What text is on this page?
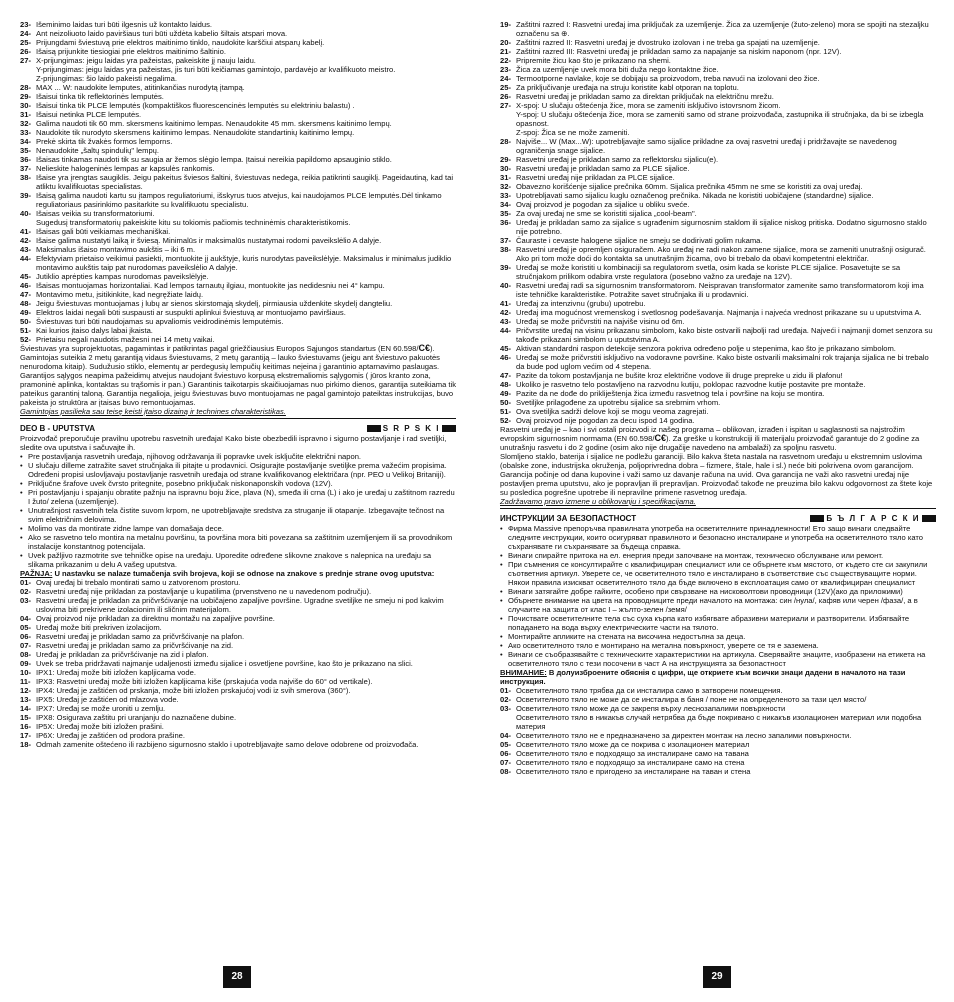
23- Išeminimo laidas turi būti ilgesnis už kontakto laidus.
24- Ant neizoliuoto laido paviršiaus turi būti uždėta kabelio šiltais atspari mova.
25- Prijungdami šviestuvą prie elektros maitinimo tinklo, naudokite karščiui atsparų kabelį.
26- Išaisą prijunkite tiesiogiai prie elektros maitinimo šaltinio.
27- X-prijungimas: jeigu laidas yra pažeistas, pakeiskite jį nauju laidu.
Y-prijungimas: jeigu laidas yra pažeistas, jis turi būti keičiamas gamintojo, pardavėjo ar kvalifikuoto meistro.
Z-prijungimas: šio laido pakeisti negalima.
28- MAX ... W: naudokite lemputes, atitinkančias nurodytą įtampą.
29- Išaisui tinka tik reflektorinės lemputės.
30- Išaisui tinka tik PLCE lemputės (kompaktiškos fluorescencinės lemputės su elektriniu balastu) .
31- Išaisui netinka PLCE lemputės.
32- Galima naudoti tik 60 mm. skersmens kaitinimo lempas. Nenaudokite 45 mm. skersmens kaitinimo lempų.
33- Naudokite tik nurodyto skersmens kaitinimo lempas. Nenaudokite standartinių kaitinimo lempų.
34- Prekė skirta tik žvakės formos lemporns.
35- Nenaudokite „šaltų spindulių" lempų.
36- Išaisas tinkamas naudoti tik su saugia ar žemos slėgio lempa. Įtaisui nereikia papildomo apsauginio stiklo.
37- Nelieskite halogeninės lempas ar kapsulės rankomis.
38- Išaise yra įrengtas saugiklis. Jeigu pakeitus šviesos šaltini, šviestuvas nedega, reikia patikrinti saugiklį. Pageidautiną, kad tai atliktu kvalifikuotas specialistas.
39- Išaisą galima naudoti kartu su įtampos reguliatoriumi, išskyrus tuos atvejus, kai naudojamos PLCE lemputės.Dėl tinkamo reguliatoriaus pasirinkimo pasitarkite su kvalifikuotu specialistu.
40- Išaisas veikia su transformatoriumi.
Sugedusį transformatorių pakeiskite kitu su tokiomis pačiomis techninėmis charakteristikomis.
41- Išaisas gali būti veikiamas mechaniškai.
42- Išaise galima nustatyti laiką ir šviesą. Minimalūs ir maksimalūs nustatymai rodomi paveikslėlio A dalyje.
43- Maksimalus išaiso montavimo aukštis – iki 6 m.
44- Efektyviam prietaiso veikimui pasiekti, montuokite jį aukštyje, kuris nurodytas paveikslėlyje. Maksimalus ir minimalus judiklio montavimo aukštis taip pat nurodomas paveikslėlio A dalyje.
45- Jutiklio aprėpties kampas nurodomas paveikslėlyje.
46- Išaisas montuojamas horizontaliai. Kad lempos tarnautų ilgiau, montuokite jas nedidesniu nei 4° kampu.
47- Montavimo metu, įsitikinkite, kad negręžiate laidų.
48- Jeigu šviestuvas montuojamas į lubų ar sienos skirstomąją skydelį, pirmiausia uždenkite skydelį dangteliu.
49- Elektros laidai negali būti suspausti ar suspukti aplinkui šviestuvą ar montuojamo paviršiaus.
50- Šviestuvas turi būti naudojamas su apvaliomis veidrodinėmis lemputėmis.
51- Kai kurios įtaiso dalys labai įkaista.
52- Prietaisu negali naudotis mažesni nei 14 metų vaikai.

Šviestuvas yra suprojektuotas, pagamintas ir patikrintas pagal griežčiausius Europos Sąjungos standartus (EN 60.598/C€). Gamintojas suteikia 2 metų garantiją vidaus šviestuvams, 2 metų garantiją – lauko šviestuvams (jeigu ant šviestuvo pakuotės nenurodoma kitaip). Sudužusio stiklo, elementų ar perdegusių lempučių keitimas neįeina į garantinio aptarnavimo paslaugas. Garantijos sąlygos neapima pažeidimų atvejus naudojant šviestuvo korpusą ekstremaliomis sąlygomis ( jūros kranto zona, pramoninė aplinka, kontaktas su trąšomis ir pan.) Garantinis taikotarpis skaičiuojamas nuo pirkimo dienos, garantija suteikiama tik pateikus garantinį taloną. Garantija negalioja, jeigu šviestuvas buvo montuojamas ne pagal gamintojo pateiktas instrukcijas, buvo pakeista jo struktūra ar įtaisas buvo remontuojamas.

Gamintojas pasilieka sau teisę keisti įtaiso dizainą ir technines charakteristikas.

DEO B - UPUTSTVA	S R P S K I

Proizvođač preporučuje pravilnu upotrebu rasvetnih uređaja! Kako biste obezbedili ispravno i sigurno postavljanje i rad svetiljki, sledite ova uputstva i sačuvajte ih.

• Pre postavljanja rasvetnih uređaja, njihovog održavanja ili popravke uvek isključite električni napon.
• U slučaju dilleme zatražite savet stručnjaka ili pitajte u prodavnici. Osigurajte postavljanje svetiljke prema važećim propisima. Određeni propisi uslovljavaju postavljanje rasvetnih uređaja od strane kvalifikovanog električara (npr. PEO u Velikoj Britaniji).
• Priključne šrafove uvek čvrsto pritegnite, posebno priključak niskonaponskih vodova (12V).
• Pri postavljanju i spajanju obratite pažnju na ispravnu boju žice, plava (N), smeđa ili crna (L) i ako je uređaj u zaštitnom razredu I žuto/ zelena (uzemljenje).
• Unutrašnjost rasvetnih tela čistite suvom krpom, ne upotrebljavajte sredstva za struganje ili otapanje. Izbegavajte tečnost na svim električnim delovima.
• Molimo vas da montirate zidne lampe van domašaja dece.
• Ako se rasvetno telo montira na metalnu površinu, ta površina mora biti povezana sa zaštitnim uzemljenjem ili sa provodnikom instalacije konstantnog potencijala.
• Uvek pažljivo razmotrite sve tehničke opise na uređaju. Uporedite određene slikovne znakove s nalepnica na uređaju sa slikama prikazanim u delu A vašeg uputstva.

PAŽNJA: U nastavku se nalaze tumačenja svih brojeva, koji se odnose na znakove s prednje strane ovog uputstva:

01- Ovaj uređaj bi trebalo montirati samo u zatvorenom prostoru.
02- Rasvetni uređaj nije prikladan za postavljanje u kupatilima (prvenstveno ne u navedenom području).
03- Rasvetni uređaj je prikladan za pričvršćivanje na uobičajeno zapaljive površine. Ugradne svetiljke ne smeju ni pod kakvim uslovima biti prekrivene izolacionim ili sličnim materijalom.
04- Ovaj proizvod nije prikladan za direktnu montažu na zapaljive površine.
05- Uređaj može biti prekriven izolacijom.
06- Rasvetni uređaj je prikladan samo za pričvršćivanje na plafon.
07- Rasvetni uređaj je prikladan samo za pričvršćivanje na zid.
08- Uređaj je prikladan za pričvršćivanje na zid i plafon.
09- Uvek se treba pridržavati najmanje udaljenosti između sijalice i osvetljene površine, kao što je prikazano na slici.
10- IPX1: Uređaj može biti izložen kapljicama vode.
11- IPX3: Rasvetni uređaj može biti izložen kapljicama kiše (prskajuća voda najviše do 60° od vertikale).
12- IPX4: Uređaj je zaštićen od prskanja, može biti izložen prskajućoj vodi iz svih smerova (360°).
13- IPX5: Uređaj je zaštićen od mlazova vode.
14- IPX7: Uređaj se može uroniti u zemlju.
15- IPX8: Osigurava zaštitu pri uranjanju do naznačene dubine.
16- IP5X: Uređaj može biti izložen prašini.
17- IP6X: Uređaj je zaštićen od prodora prašine.
18- Odmah zamenite oštećeno ili razbijeno sigurnosno staklo i upotrebljavajte samo delove odobrene od proizvođača.
19- Zaštitni razred I: Rasvetni uređaj ima priključak za uzemljenje. Žica za uzemljenje (žuto-zeleno) mora se spojiti na stezaljku označenu sa ⊕.
20- Zaštitni razred II: Rasvetni uređaj je dvostruko izolovan i ne treba ga spajati na uzemljenje.
21- Zaštitni razred III: Rasvetni uređaj je prikladan samo za napajanje sa niskim naponom (npr. 12V).
22- Pripremite žicu kao što je prikazano na shemi.
23- Žica za uzemljenje uvek mora biti duža nego kontaktne žice.
24- Termootporne navlake, koje se dobijaju sa proizvodom, treba navući na izolovani deo žice.
25- Za priključivanje uređaja na struju koristite kabl otporan na toplotu.
26- Rasvetni uređaj je prikladan samo za direktan priključak na električnu mrežu.
27- X-spoj: U slučaju oštećenja žice, mora se zameniti isključivo istovrsnom žicom.
Y-spoj: U slučaju oštećenja žice, mora se zameniti samo od strane proizvođača, zastupnika ili stručnjaka, da bi se izbegla opasnost.
Z-spoj: Žica se ne može zameniti.
28- Najviše... W (Max...W): upotrebljavajte samo sijalice prikladne za ovaj rasvetni uređaj i pridržavajte se navedenog ograničenja snage sijalice.
29- Rasvetni uređaj je prikladan samo za reflektorsku sijalicu(e).
30- Rasvetni uređaj je prikladan samo za PLCE sijalice.
31- Rasvetni uređaj nije prikladan za PLCE sijalice.
32- Obavezno korišćenje sijalice prečnika 60mm. Sijalica prečnika 45mm ne sme se koristiti za ovaj uređaj.
33- Upotrebljavati samo sijalicu kuglu označenog prečnika. Nikada ne koristiti uobičajene (standardne) sijalice.
34- Ovaj proizvod je pogodan za sijalice u obliku sveće.
35- Za ovaj uređaj ne sme se koristiti sijalica „cool-beam".
36- Uređaj je prikladan samo za sijalice s ugrađenim sigurnosnim staklom ili sijalice niskog pritiska. Dodatno sigurnosno staklo nije potrebno.
37- Čauraste i cevaste halogene sijalice ne smeju se dodirivati golim rukama.
38- Rasvetni uređaj je opremljen osiguračem. Ako uređaj ne radi nakon zamene sijalice, mora se zameniti unutrašnji osigurač. Ako pri tom može doći do kontakta sa unutrašnjim žicama, ovo bi trebalo da obavi kompetentni električar.
39- Uređaj se može koristiti u kombinaciji sa regulatorom svetla, osim kada se koriste PLCE sijalice. Posavetujte se sa stručnjakom prilikom odabira vrste regulatora (posebno važno za uređaje na 12V).
40- Rasvetni uređaj radi sa sigurnosnim transformatorom. Neispravan transformator zamenite samo transformatorom koji ima iste tehničke karakteristike. Potražite savet stručnjaka ili u prodavnici.
41- Uređaj za intenzivnu (grubu) upotrebu.
42- Uređaj ima mogućnost vremenskog i svetlosnog podešavanja. Najmanja i najveća vrednost prikazane su u uputstvima A.
43- Uređaj se može pričvrstiti na najviše visinu od 6m.
44- Pričvrstite uređaj na visinu prikazanu simbolom, kako biste ostvarili najbolji rad uređaja. Najveći i najmanji domet senzora su takođe prikazani simbolom u uputstvima A.
45- Aktivan standardni raspon detekcije senzora pokriva određeno polje u stepenima, kao što je prikazano simbolom.
46- Uređaj se može pričvrstiti isključivo na vodoravne površine. Kako biste ostvarili maksimalni rok trajanja sijalica ne bi trebalo da bude pod uglom većim od 4 stepena.
47- Pazite da tokom postavljanja ne bušite kroz električne vodove ili druge prepreke u zidu ili plafonu!
48- Ukoliko je rasvetno telo postavljeno na razvodnu kutiju, poklopac razvodne kutije postavite pre montaže.
49- Pazite da ne dođe do prikliještenja žica između rasvetnog tela i površine na koju se montira.
50- Svetiljke prilagođene za upotrebu sijalice sa srebrnim vrhom.
51- Ova svetiljka sadrži delove koji se mogu veoma zagrejati.
52- Ovaj proizvod nije pogodan za decu ispod 14 godina.

Rasvetni uređaj je – kao i svi ostali proizvodi iz našeg programa – oblikovan, izrađen i ispitan u saglasnosti sa najstrožim evropskim sigurnosnim normama (EN 60.598/C€). Za greške u konstrukciji ili materijalu proizvođač garantuje do 2 godine za unutrašnju rasvetu i do 2 godine (osim ako nije drugačije navedeno na ambalaži) za spoljnu rasvetu.

Slomljeno staklo, baterija i sijalice ne podležu garanciji. Bilo kakva šteta nastala na rasvetnom uređaju u ekstremnim uslovima (obalske zone, industrijska okruženja, poljoprivredna dobra – fizmere, štale, hale i sl.) neće biti pokrivena ovom garancijom. Garancija počinje od dana kupovine i važi samo uz davanje računa na uvid. Ova garancija ne važi ako rasvetni uređaj nije postavljen prema uputstvu, ako je popravljan ili prepravljan. Proizvođač takođe ne preuzima bilo kakvu odgovornost za štete koje su posledica pogrešne upotrebe ili nepravilne primene rasvetnog uređaja.

Zadržavamo pravo izmene u oblikovanju i specifikacijama.

ИНСТРУКЦИИ ЗА БЕЗОПАСТНОСТ	Б Ъ Л Г А Р С К И
• Фирма Massive препоръчва правилната употреба на осветителните принадлежности! Ето защо винаги следвайте следните инструкции, които осигуряват правилното и безопасно инсталиране и употреба на осветителното тяло като съхранявате ги съхранявате за бъдеща справка.
• Винаги спирайте притока на ел. енергия преди започване на монтаж, техническо обслужване или ремонт.
• При съмнения се консултирайте с квалифициран специалист или се обърнете към мястото, от където сте си закупили съответния артикул. Уверете се, че осветителното тяло е инсталирано в съответствие със съществуващите норми. Някои правила изискват осветителното тяло да бъде включено в експлоатация само от квалифициран специалист
• Винаги затягайте добре гайките, особено при свързване на нисковолтови проводници (12V)(ако да приложими)
• Обърнете внимание на цвета на проводниците преди началото на монтажа: син /нула/, кафяв или черен /фаза/, а в случаите на защита от клас I – жълто-зелен /земя/
• Почиствате осветителните тела със суха кърпа като избягвате абразивни материали и разтворители. Избягвайте попадането на вода върху електрическите части на тялото.
• Монтирайте апликите на стената на височина недостъпна за деца.
• Ако осветителното тяло е монтирано на метална повърхност, уверете се тя е заземена.
• Винаги се съобразявайте с техническите характеристики на артикула. Сверявайте знаците, изобразени на етикета на осветителното тяло с тези посочени в част А на инструкцията за безопастност

ВНИМАНИЕ: В долуизброените обяснія с цифри, ще откриете към всички знаци дадени в началото на тази инструкция.

01- Осветителното тяло трябва да си инсталира само в затворени помещения.
02- Осветителното тяло не може да се инсталира в баня / поне не на определеното за тази цел място/
03- Осветителното тяло може да се закрепя върху леснозапалими повърхности
Осветителното тяло в никакъв случай нетрябва да бъде покривано с никакъв изолационен материал или подобна материя
04- Осветителното тяло не е предназначено за директен монтаж на лесно запалими повърхности.
05- Осветителното тяло може да се покрива с изолационен материал
06- Осветителното тяло е подходящо за инсталиране само на тавана
07- Осветителното тяло е подходящо за инсталиране само на стена
08- Осветителното тяло е пригодено за инсталиране на таван и стена
28	29
